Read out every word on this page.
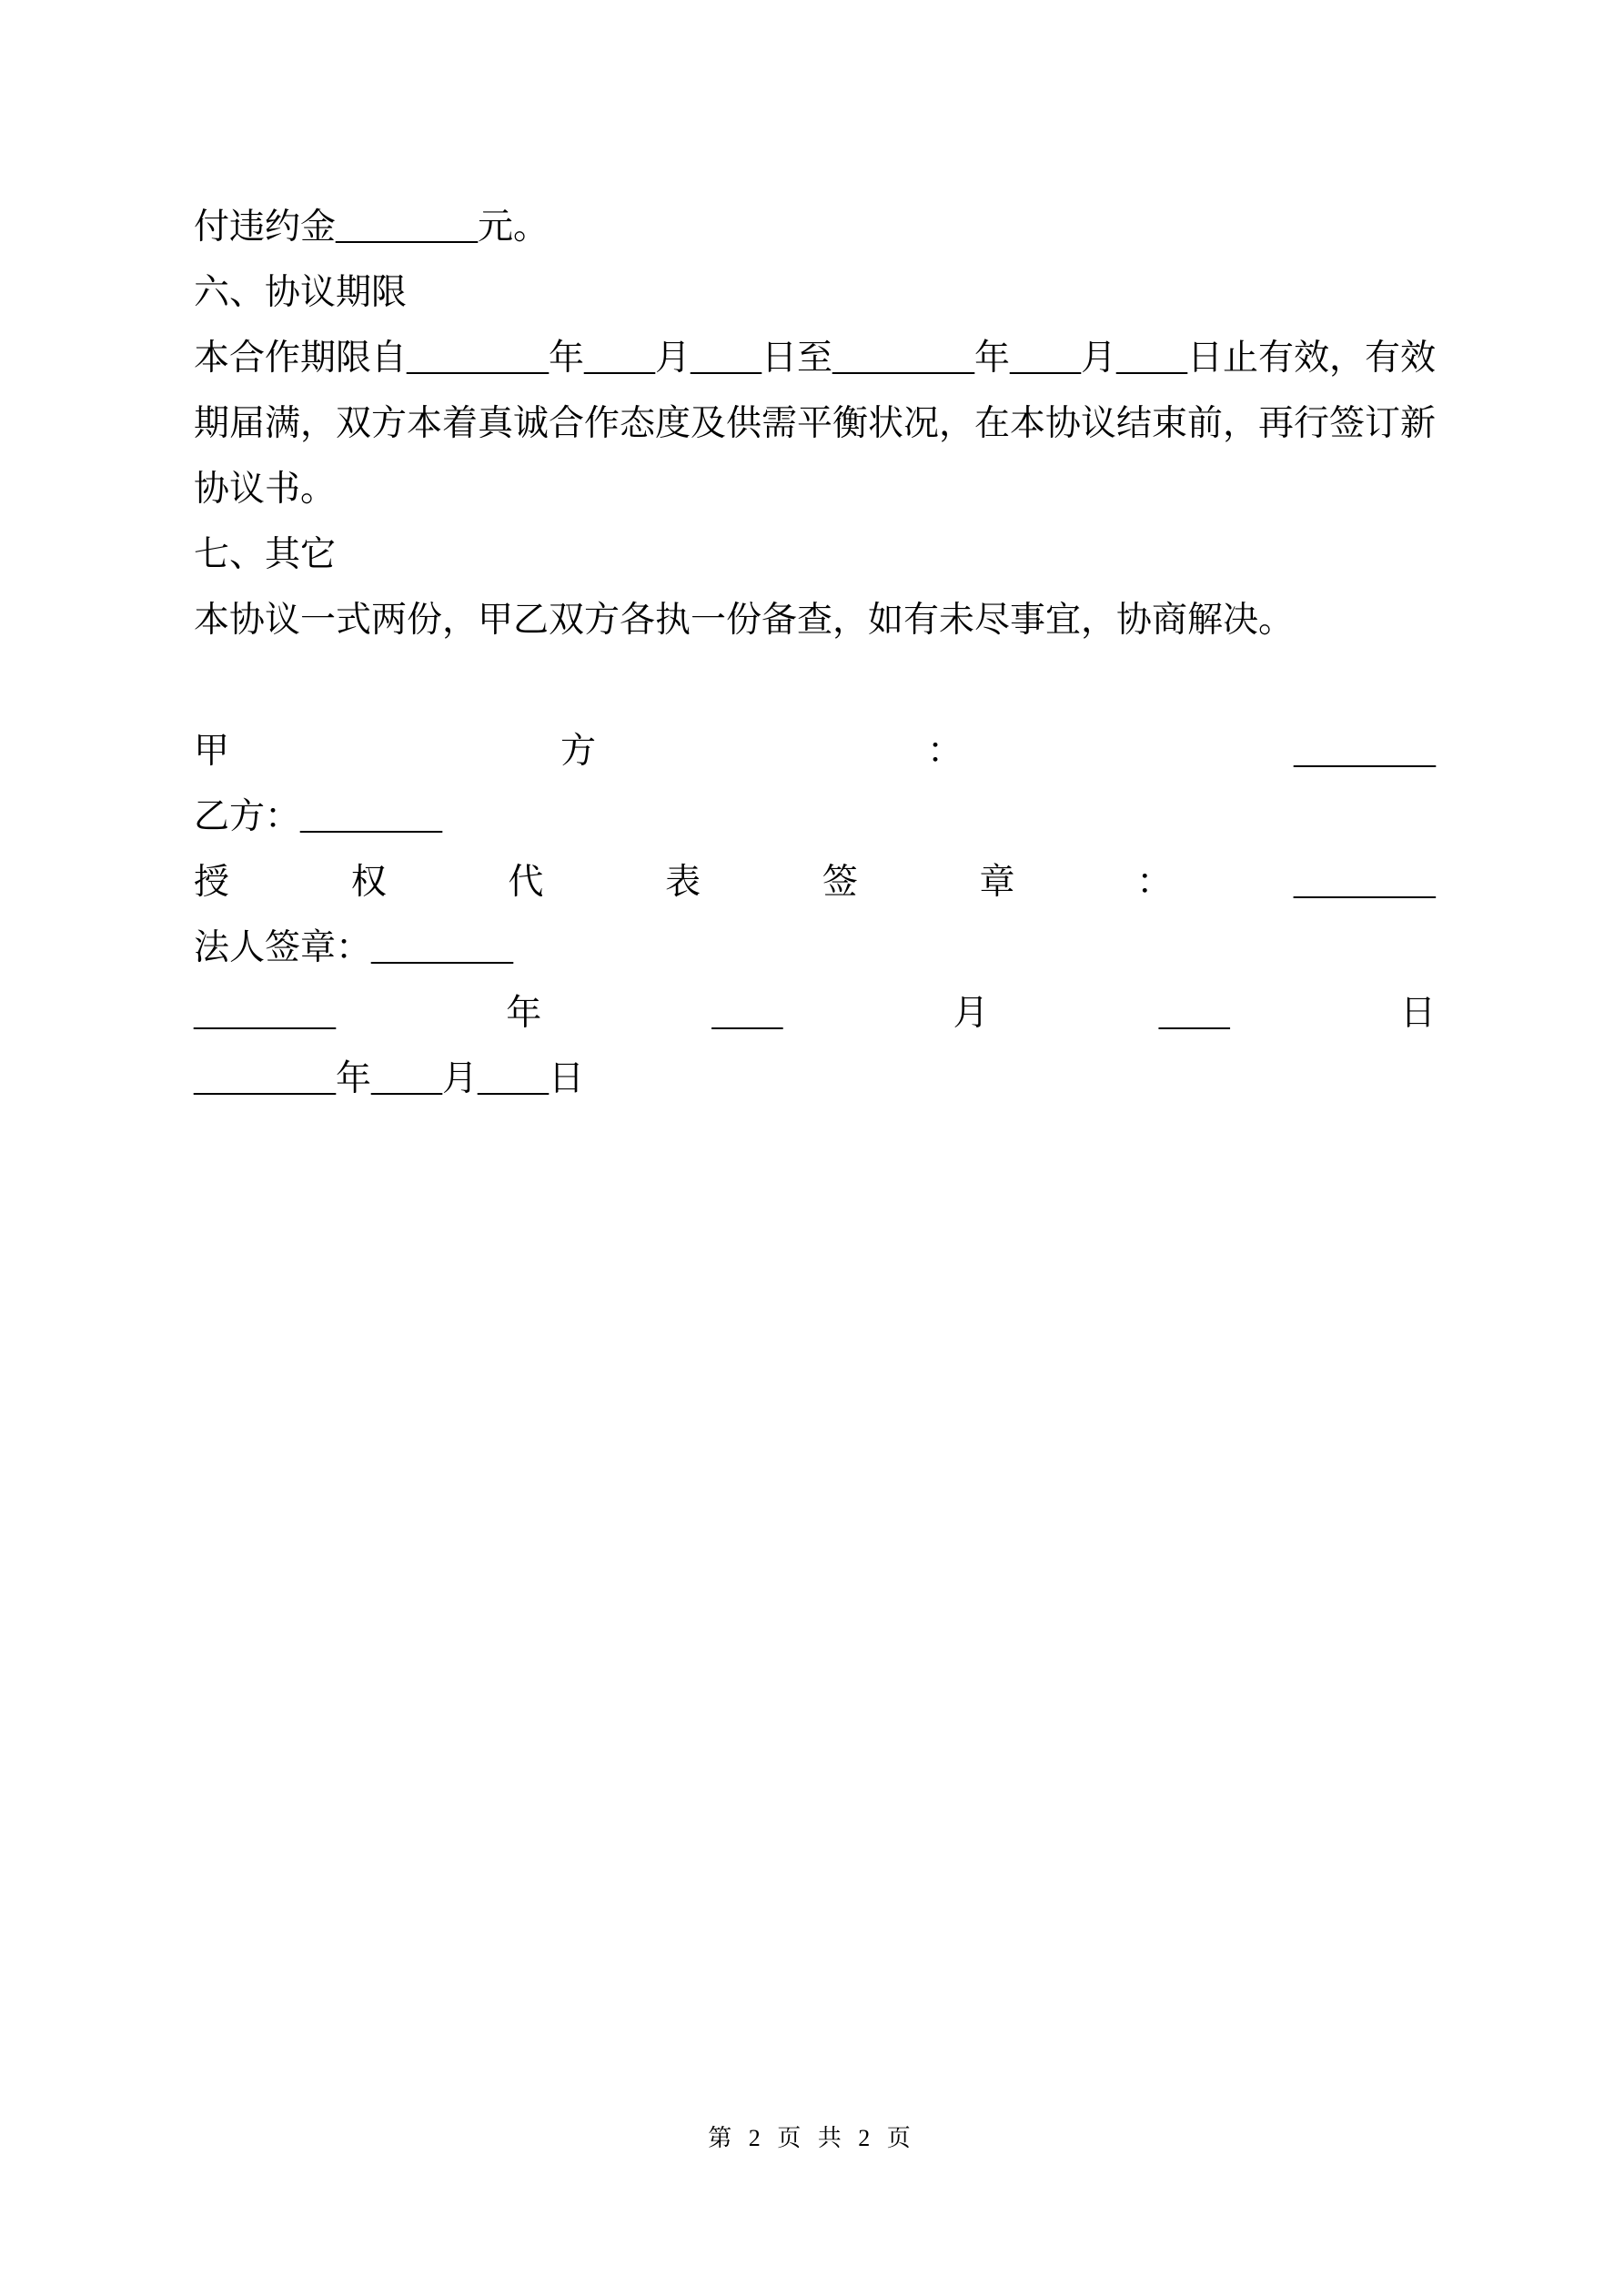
付违约金________元。

六、协议期限

本合作期限自________年____月____日至________年____月____日止有效，有效期届满，双方本着真诚合作态度及供需平衡状况，在本协议结束前，再行签订新协议书。

七、其它

本协议一式两份，甲乙双方各执一份备查，如有未尽事宜，协商解决。

甲	方	：	________

乙方：________

授	权	代	表	签	章	：	________

法人签章：________

________	年	____	月	____	日

________年____月____日

第 2 页 共 2 页
